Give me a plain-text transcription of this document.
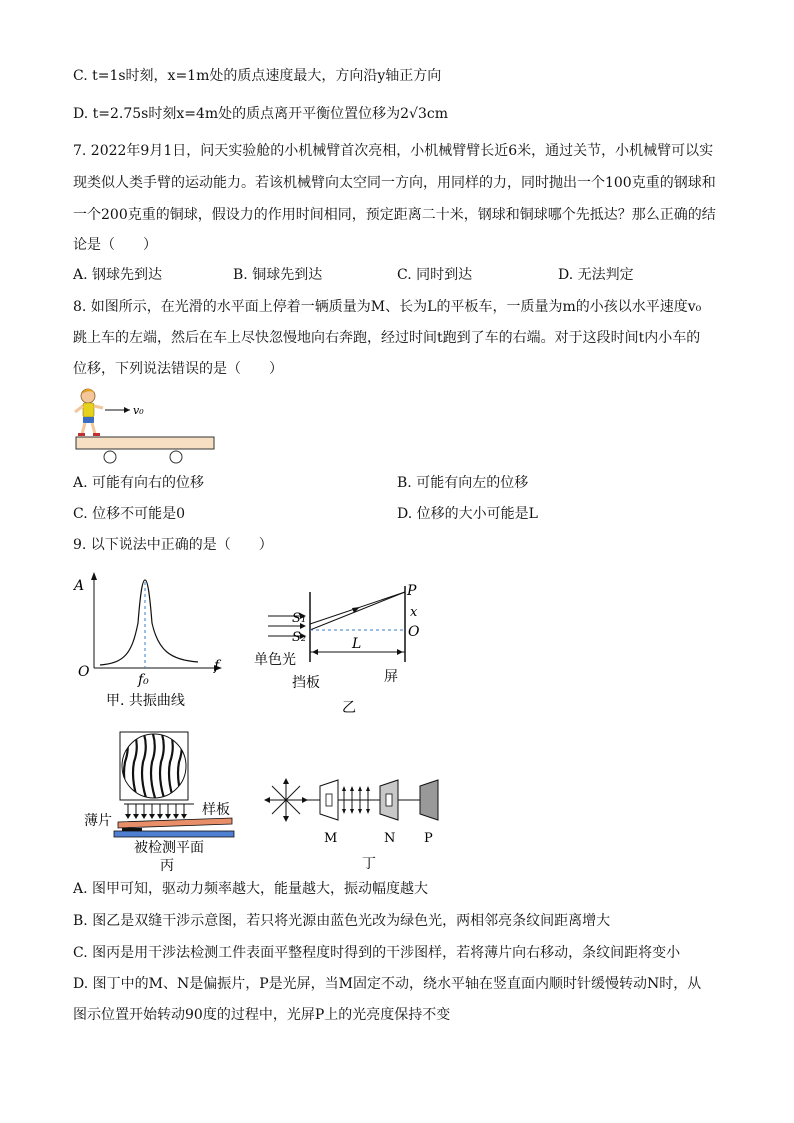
C. t=1s时刻，x=1m处的质点速度最大，方向沿y轴正方向
D. t=2.75s时刻x=4m处的质点离开平衡位置位移为2√3cm
7. 2022年9月1日，问天实验舱的小机械臂首次亮相，小机械臂臂长近6米，通过关节，小机械臂可以实
现类似人类手臂的运动能力。若该机械臂向太空同一方向，用同样的力，同时抛出一个100克重的钢球和
一个200克重的铜球，假设力的作用时间相同，预定距离二十米，钢球和铜球哪个先抵达？那么正确的结
论是（　　）
A. 钢球先到达	B. 铜球先到达	C. 同时到达	D. 无法判定
8. 如图所示，在光滑的水平面上停着一辆质量为M、长为L的平板车，一质量为m的小孩以水平速度v₀
跳上车的左端，然后在车上尽快忽慢地向右奔跑，经过时间t跑到了车的右端。对于这段时间t内小车的
位移，下列说法错误的是（　　）
v₀
A. 可能有向右的位移	B. 可能有向左的位移
C. 位移不可能是0	D. 位移的大小可能是L
9. 以下说法中正确的是（　　）
A
f
O	f₀
甲. 共振曲线
P
x
O
S₁
S₂	L
单色光
挡板	屏
乙
样板
薄片
被检测平面
丙
M	N P
丁
A. 图甲可知，驱动力频率越大，能量越大，振动幅度越大
B. 图乙是双缝干涉示意图，若只将光源由蓝色光改为绿色光，两相邻亮条纹间距离增大
C. 图丙是用干涉法检测工件表面平整程度时得到的干涉图样，若将薄片向右移动，条纹间距将变小
D. 图丁中的M、N是偏振片，P是光屏，当M固定不动，绕水平轴在竖直面内顺时针缓慢转动N时，从
图示位置开始转动90度的过程中，光屏P上的光亮度保持不变
